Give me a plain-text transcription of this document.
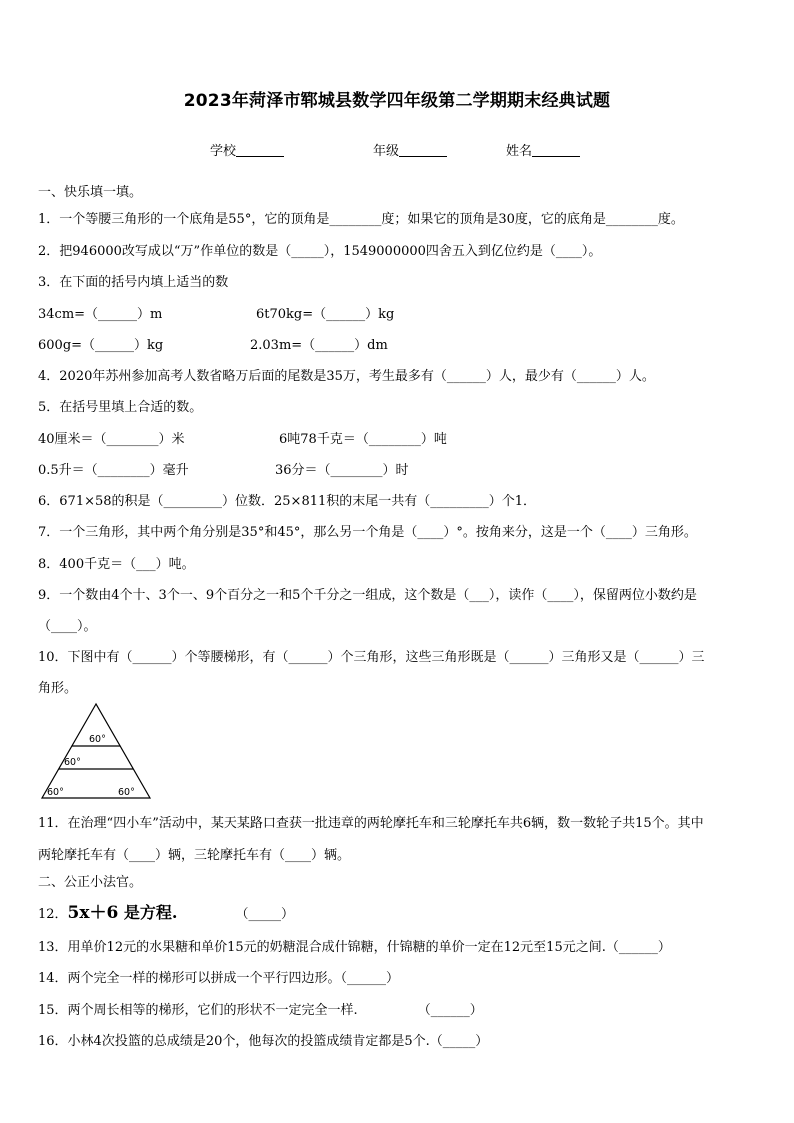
2023年菏泽市郓城县数学四年级第二学期期末经典试题
学校	年级	姓名
一、快乐填一填。
1．一个等腰三角形的一个底角是55°，它的顶角是________度；如果它的顶角是30度，它的底角是________度。
2．把946000改写成以“万”作单位的数是（_____），1549000000四舍五入到亿位约是（____）。
3．在下面的括号内填上适当的数
34cm=（______）m	6t70kg=（______）kg
600g=（______）kg	2.03m=（______）dm
4．2020年苏州参加高考人数省略万后面的尾数是35万，考生最多有（______）人，最少有（______）人。
5．在括号里填上合适的数。
40厘米＝（________）米	6吨78千克＝（________）吨
0.5升＝（________）毫升	36分＝（________）时
6．671×58的积是（_________）位数．25×811积的末尾一共有（_________）个1．
7．一个三角形，其中两个角分别是35°和45°，那么另一个角是（____）°。按角来分，这是一个（____）三角形。
8．400千克＝（___）吨。
9．一个数由4个十、3个一、9个百分之一和5个千分之一组成，这个数是（___），读作（____），保留两位小数约是
（____）。
10．下图中有（______）个等腰梯形，有（______）个三角形，这些三角形既是（______）三角形又是（______）三
角形。
60°
60°
60°	60°
11．在治理“四小车”活动中，某天某路口查获一批违章的两轮摩托车和三轮摩托车共6辆，数一数轮子共15个。其中
两轮摩托车有（____）辆，三轮摩托车有（____）辆。
二、公正小法官。
12．5x＋6 是方程.	（_____）
13．用单价12元的水果糖和单价15元的奶糖混合成什锦糖，什锦糖的单价一定在12元至15元之间.（______）
14．两个完全一样的梯形可以拼成一个平行四边形。（______）
15．两个周长相等的梯形，它们的形状不一定完全一样.	（______）
16．小林4次投篮的总成绩是20个，他每次的投篮成绩肯定都是5个.（_____）
